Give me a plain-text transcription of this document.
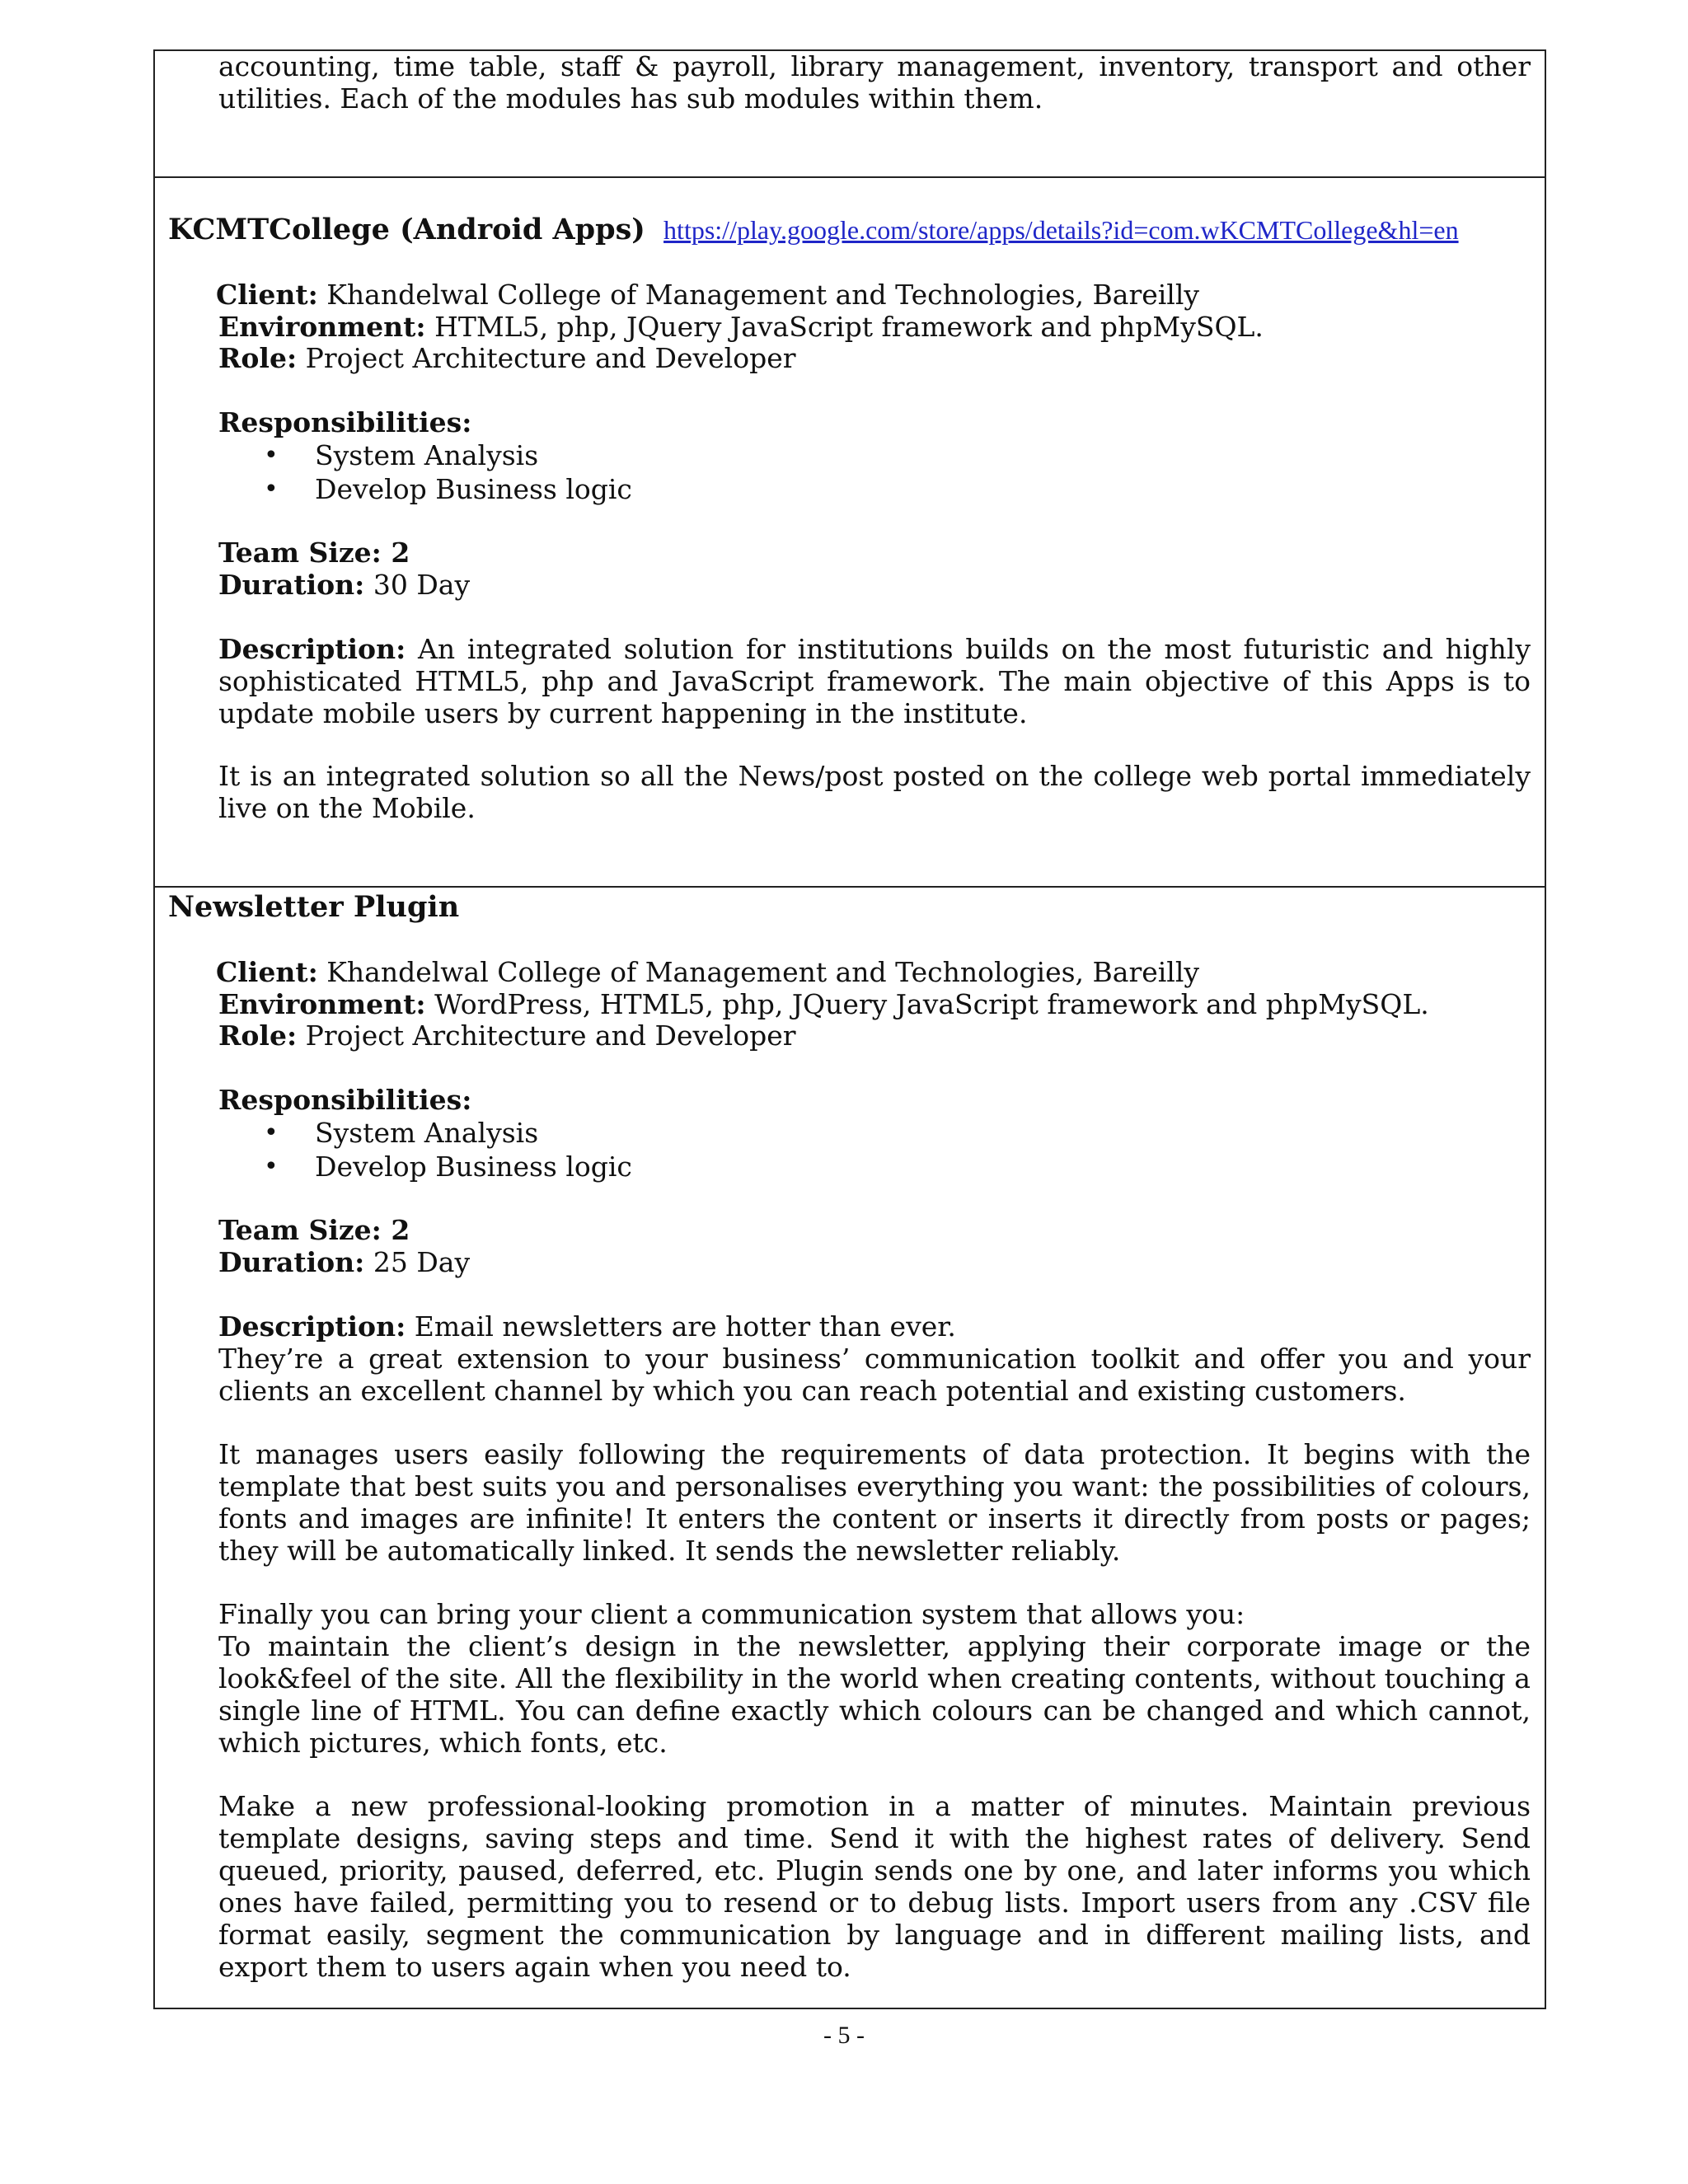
accounting, time table, staff & payroll, library management, inventory, transport and other utilities. Each of the modules has sub modules within them.
KCMTCollege (Android Apps) https://play.google.com/store/apps/details?id=com.wKCMTCollege&hl=en
Client: Khandelwal College of Management and Technologies, Bareilly
Environment: HTML5, php, JQuery JavaScript framework and phpMySQL.
Role: Project Architecture and Developer
Responsibilities:
• System Analysis
• Develop Business logic
Team Size: 2
Duration: 30 Day
Description: An integrated solution for institutions builds on the most futuristic and highly sophisticated HTML5, php and JavaScript framework. The main objective of this Apps is to update mobile users by current happening in the institute.
It is an integrated solution so all the News/post posted on the college web portal immediately live on the Mobile.
Newsletter Plugin
Client: Khandelwal College of Management and Technologies, Bareilly
Environment: WordPress, HTML5, php, JQuery JavaScript framework and phpMySQL.
Role: Project Architecture and Developer
Responsibilities:
• System Analysis
• Develop Business logic
Team Size: 2
Duration: 25 Day
Description: Email newsletters are hotter than ever.
They’re a great extension to your business’ communication toolkit and offer you and your clients an excellent channel by which you can reach potential and existing customers.
It manages users easily following the requirements of data protection. It begins with the template that best suits you and personalises everything you want: the possibilities of colours, fonts and images are infinite! It enters the content or inserts it directly from posts or pages; they will be automatically linked. It sends the newsletter reliably.
Finally you can bring your client a communication system that allows you:
To maintain the client’s design in the newsletter, applying their corporate image or the look&feel of the site. All the flexibility in the world when creating contents, without touching a single line of HTML. You can define exactly which colours can be changed and which cannot, which pictures, which fonts, etc.
Make a new professional-looking promotion in a matter of minutes. Maintain previous template designs, saving steps and time. Send it with the highest rates of delivery. Send queued, priority, paused, deferred, etc. Plugin sends one by one, and later informs you which ones have failed, permitting you to resend or to debug lists. Import users from any .CSV file format easily, segment the communication by language and in different mailing lists, and export them to users again when you need to.
- 5 -
